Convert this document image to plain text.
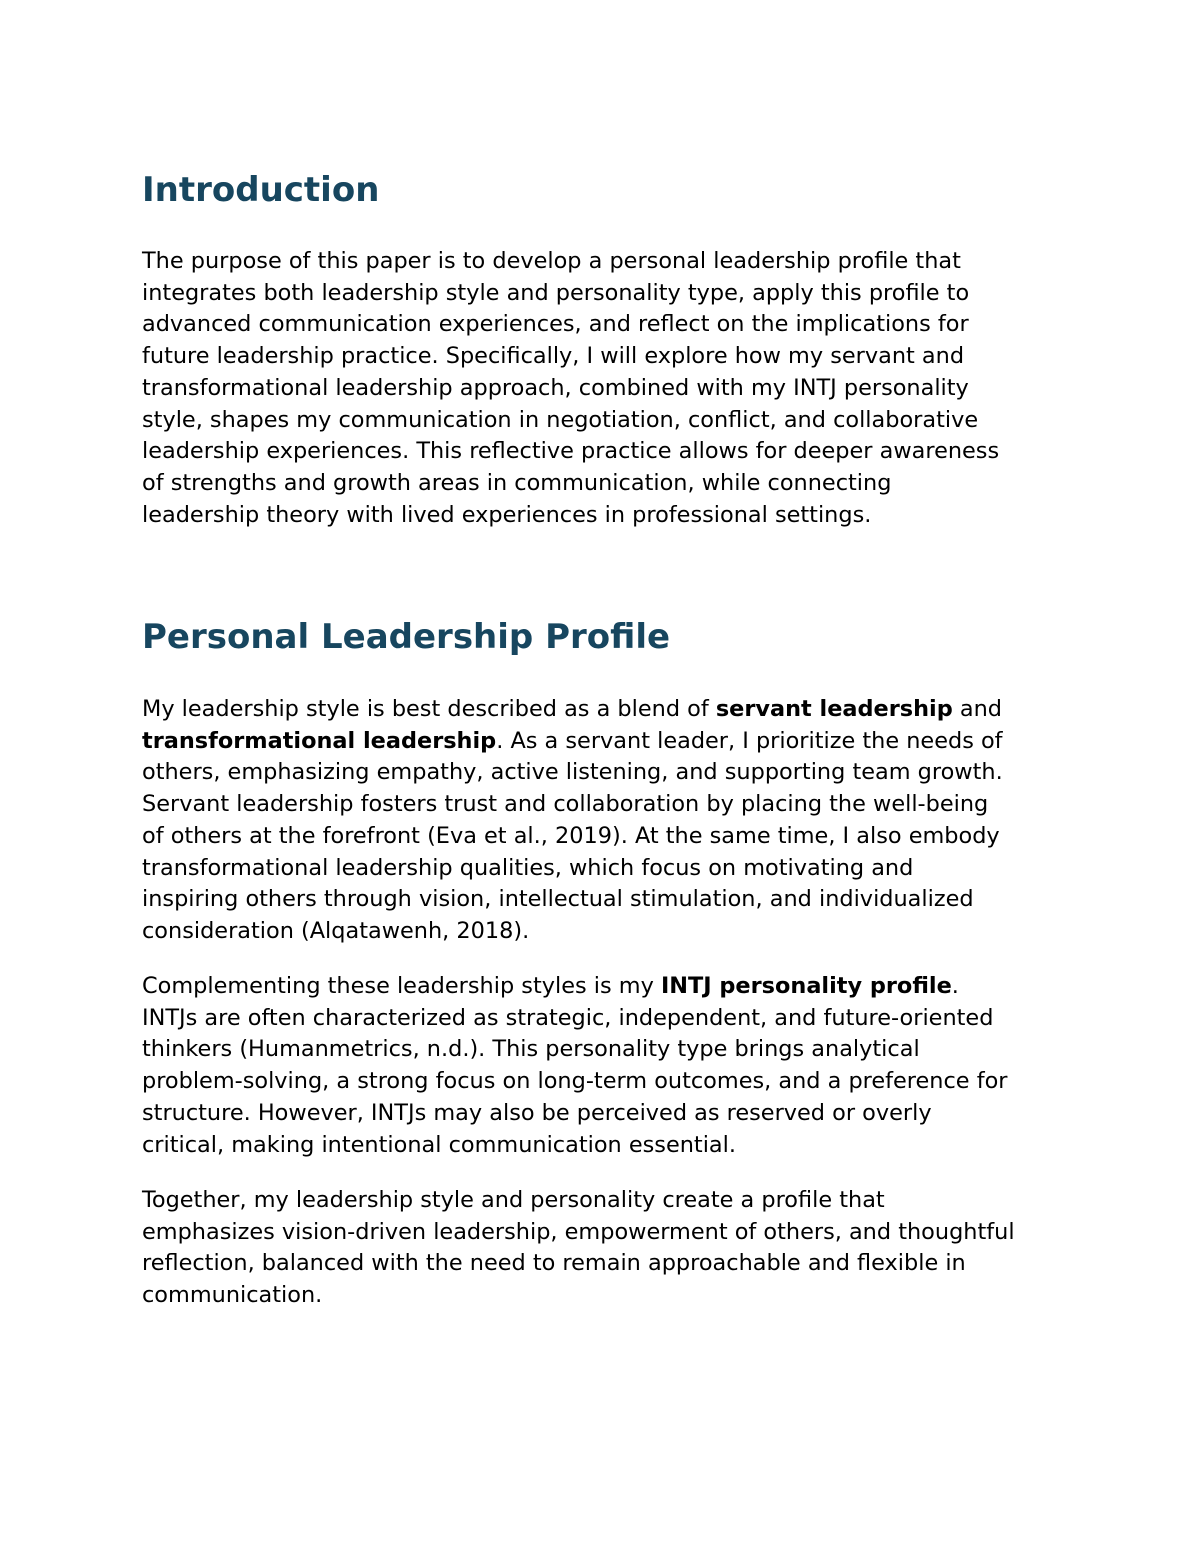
Introduction

The purpose of this paper is to develop a personal leadership profile that
integrates both leadership style and personality type, apply this profile to
advanced communication experiences, and reflect on the implications for
future leadership practice. Specifically, I will explore how my servant and
transformational leadership approach, combined with my INTJ personality
style, shapes my communication in negotiation, conflict, and collaborative
leadership experiences. This reflective practice allows for deeper awareness
of strengths and growth areas in communication, while connecting
leadership theory with lived experiences in professional settings.

Personal Leadership Profile

My leadership style is best described as a blend of servant leadership and
transformational leadership. As a servant leader, I prioritize the needs of
others, emphasizing empathy, active listening, and supporting team growth.
Servant leadership fosters trust and collaboration by placing the well-being
of others at the forefront (Eva et al., 2019). At the same time, I also embody
transformational leadership qualities, which focus on motivating and
inspiring others through vision, intellectual stimulation, and individualized
consideration (Alqatawenh, 2018).

Complementing these leadership styles is my INTJ personality profile.
INTJs are often characterized as strategic, independent, and future-oriented
thinkers (Humanmetrics, n.d.). This personality type brings analytical
problem-solving, a strong focus on long-term outcomes, and a preference for
structure. However, INTJs may also be perceived as reserved or overly
critical, making intentional communication essential.

Together, my leadership style and personality create a profile that
emphasizes vision-driven leadership, empowerment of others, and thoughtful
reflection, balanced with the need to remain approachable and flexible in
communication.
